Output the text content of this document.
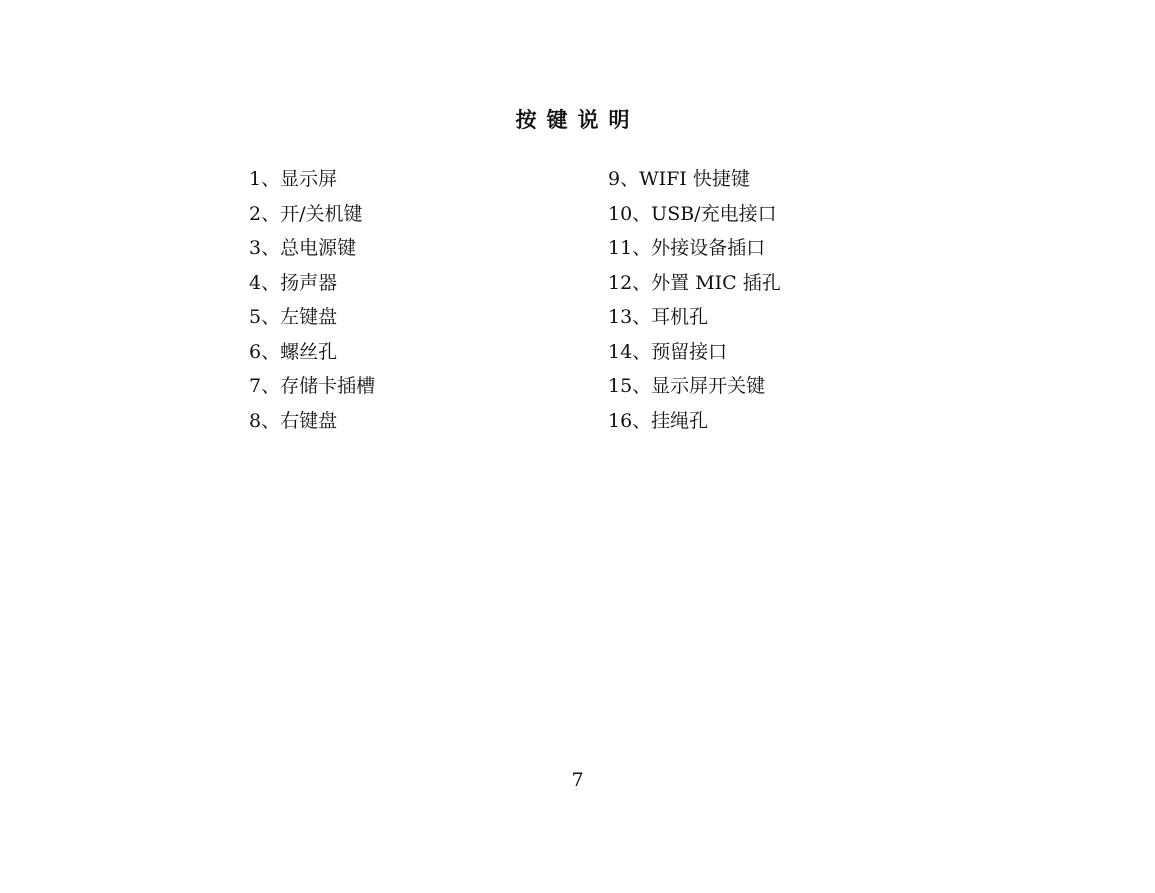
按键说明
1、显示屏
2、开/关机键
3、总电源键
4、扬声器
5、左键盘
6、螺丝孔
7、存储卡插槽
8、右键盘
9、WIFI 快捷键
10、USB/充电接口
11、外接设备插口
12、外置 MIC 插孔
13、耳机孔
14、预留接口
15、显示屏开关键
16、挂绳孔
7
